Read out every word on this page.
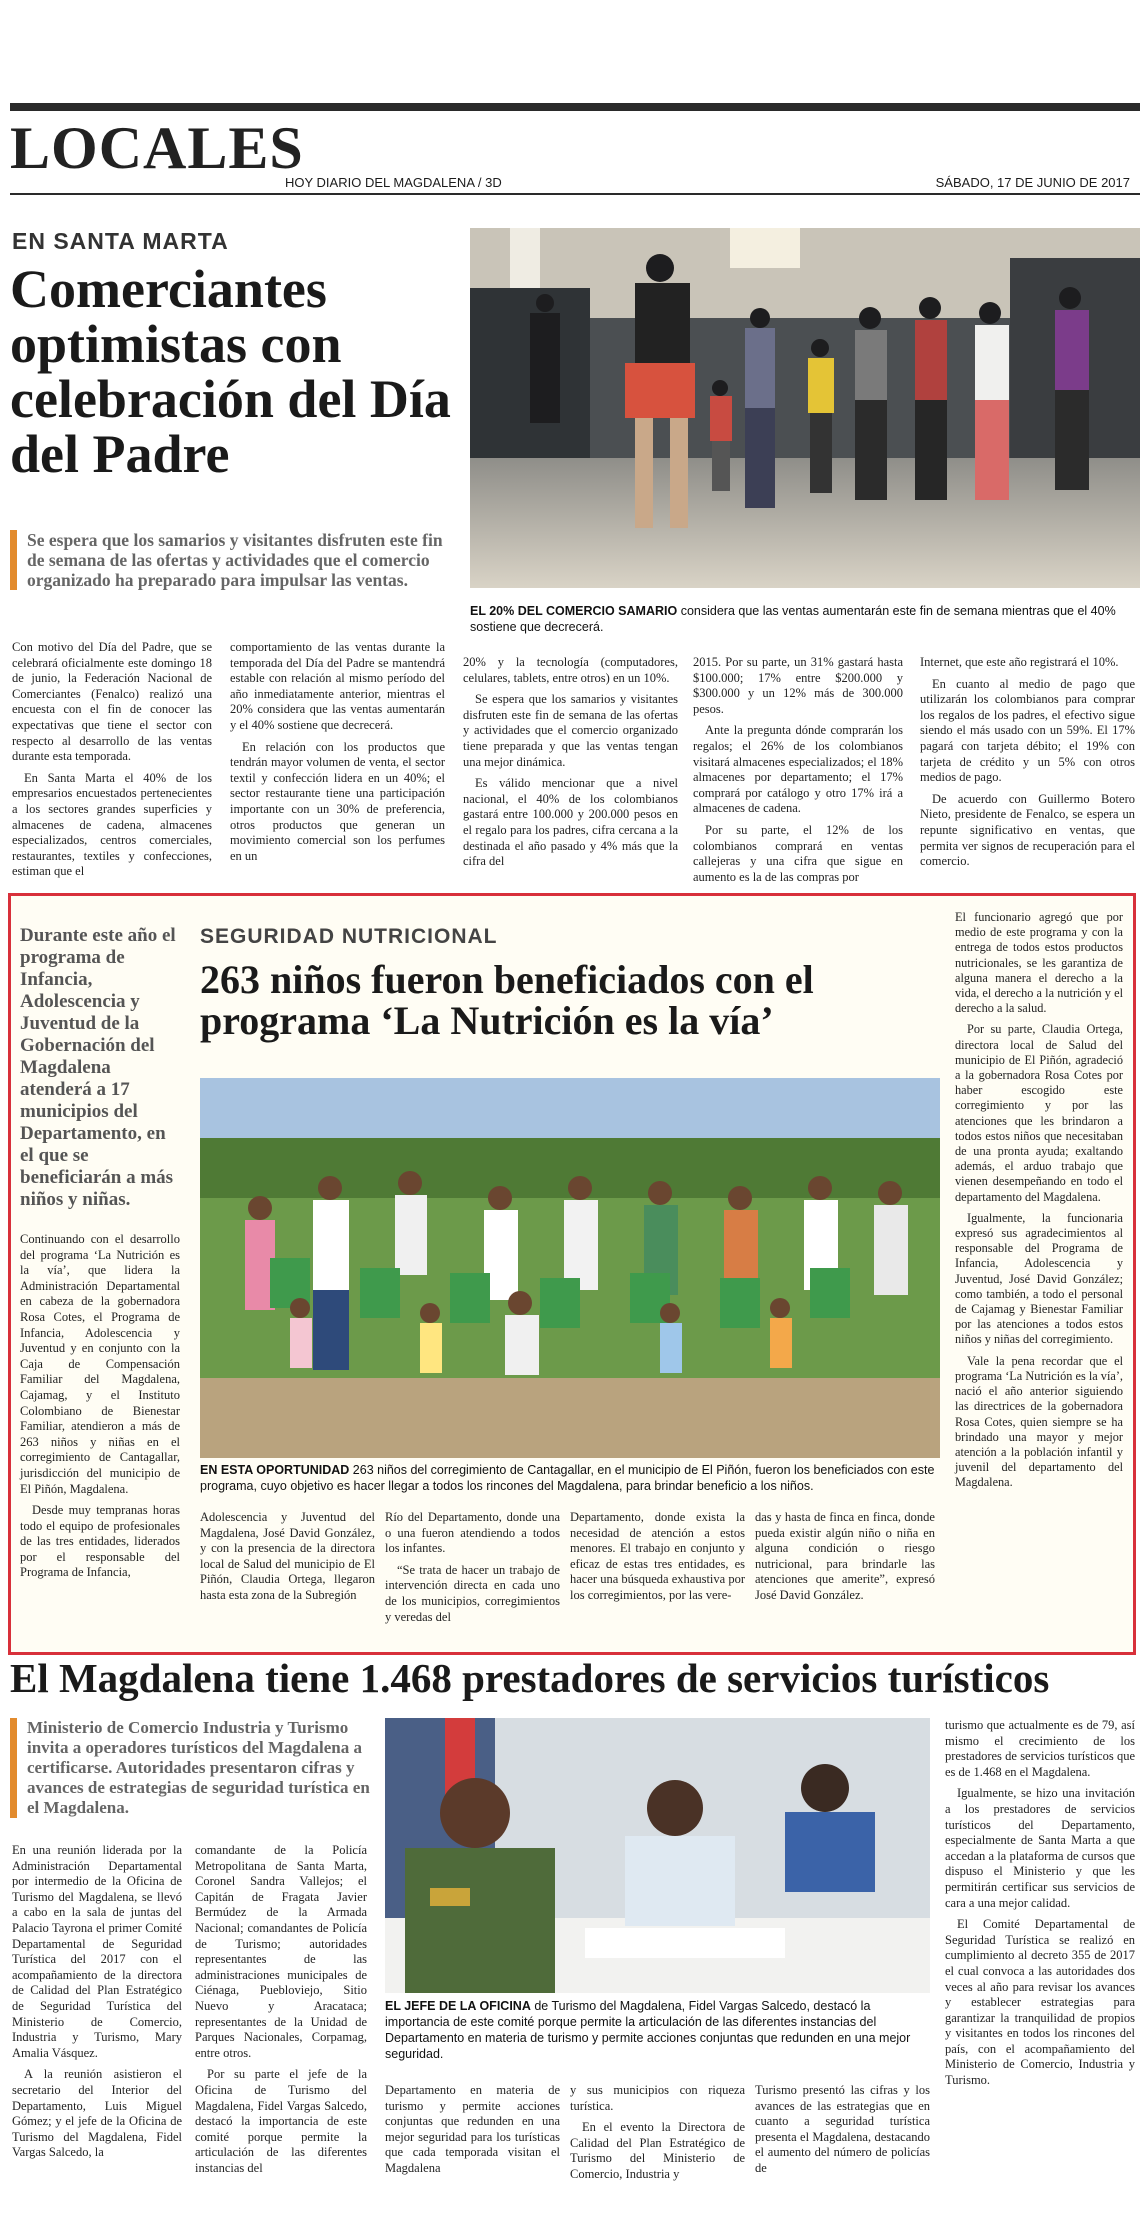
LOCALES
HOY DIARIO DEL MAGDALENA / 3D	SÁBADO, 17 DE JUNIO DE 2017
EN SANTA MARTA
Comerciantes optimistas con celebración del Día del Padre
Se espera que los samarios y visitantes disfruten este fin de semana de las ofertas y actividades que el comercio organizado ha preparado para impulsar las ventas.
EL 20% DEL COMERCIO SAMARIO considera que las ventas aumentarán este fin de semana mientras que el 40% sostiene que decrecerá.

Con motivo del Día del Padre, que se celebrará oficialmente este domingo 18 de junio, la Federación Nacional de Comerciantes (Fenalco) realizó una encuesta con el fin de conocer las expectativas que tiene el sector con respecto al desarrollo de las ventas durante esta temporada.

En Santa Marta el 40% de los empresarios encuestados pertenecientes a los sectores grandes superficies y almacenes de cadena, almacenes especializados, centros comerciales, restaurantes, textiles y confecciones, estiman que el

comportamiento de las ventas durante la temporada del Día del Padre se mantendrá estable con relación al mismo período del año inmediatamente anterior, mientras el 20% considera que las ventas aumentarán y el 40% sostiene que decrecerá.

En relación con los productos que tendrán mayor volumen de venta, el sector textil y confección lidera en un 40%; el sector restaurante tiene una participación importante con un 30% de preferencia, otros productos que generan un movimiento comercial son los perfumes en un

20% y la tecnología (computadores, celulares, tablets, entre otros) en un 10%.

Se espera que los samarios y visitantes disfruten este fin de semana de las ofertas y actividades que el comercio organizado tiene preparada y que las ventas tengan una mejor dinámica.

Es válido mencionar que a nivel nacional, el 40% de los colombianos gastará entre 100.000 y 200.000 pesos en el regalo para los padres, cifra cercana a la destinada el año pasado y 4% más que la cifra del

2015. Por su parte, un 31% gastará hasta $100.000; 17% entre $200.000 y $300.000 y un 12% más de 300.000 pesos.

Ante la pregunta dónde comprarán los regalos; el 26% de los colombianos visitará almacenes especializados; el 18% almacenes por departamento; el 17% comprará por catálogo y otro 17% irá a almacenes de cadena.

Por su parte, el 12% de los colombianos comprará en ventas callejeras y una cifra que sigue en aumento es la de las compras por

Internet, que este año registrará el 10%.

En cuanto al medio de pago que utilizarán los colombianos para comprar los regalos de los padres, el efectivo sigue siendo el más usado con un 59%. El 17% pagará con tarjeta débito; el 19% con tarjeta de crédito y un 5% con otros medios de pago.

De acuerdo con Guillermo Botero Nieto, presidente de Fenalco, se espera un repunte significativo en ventas, que permita ver signos de recuperación para el comercio.

Durante este año el programa de Infancia, Adolescencia y Juventud de la Gobernación del Magdalena atenderá a 17 municipios del Departamento, en el que se beneficiarán a más niños y niñas.
SEGURIDAD NUTRICIONAL
263 niños fueron beneficiados con el programa ‘La Nutrición es la vía’
EN ESTA OPORTUNIDAD 263 niños del corregimiento de Cantagallar, en el municipio de El Piñón, fueron los beneficiados con este programa, cuyo objetivo es hacer llegar a todos los rincones del Magdalena, para brindar beneficio a los niños.

Continuando con el desarrollo del programa ‘La Nutrición es la vía’, que lidera la Administración Departamental en cabeza de la gobernadora Rosa Cotes, el Programa de Infancia, Adolescencia y Juventud y en conjunto con la Caja de Compensación Familiar del Magdalena, Cajamag, y el Instituto Colombiano de Bienestar Familiar, atendieron a más de 263 niños y niñas en el corregimiento de Cantagallar, jurisdicción del municipio de El Piñón, Magdalena.

Desde muy tempranas horas todo el equipo de profesionales de las tres entidades, liderados por el responsable del Programa de Infancia,

Adolescencia y Juventud del Magdalena, José David González, y con la presencia de la directora local de Salud del municipio de El Piñón, Claudia Ortega, llegaron hasta esta zona de la Subregión

Río del Departamento, donde una o una fueron atendiendo a todos los infantes.

“Se trata de hacer un trabajo de intervención directa en cada uno de los municipios, corregimientos y veredas del

Departamento, donde exista la necesidad de atención a estos menores. El trabajo en conjunto y eficaz de estas tres entidades, es hacer una búsqueda exhaustiva por los corregimientos, por las vere-

das y hasta de finca en finca, donde pueda existir algún niño o niña en alguna condición o riesgo nutricional, para brindarle las atenciones que amerite”, expresó José David González.

El funcionario agregó que por medio de este programa y con la entrega de todos estos productos nutricionales, se les garantiza de alguna manera el derecho a la vida, el derecho a la nutrición y el derecho a la salud.

Por su parte, Claudia Ortega, directora local de Salud del municipio de El Piñón, agradeció a la gobernadora Rosa Cotes por haber escogido este corregimiento y por las atenciones que les brindaron a todos estos niños que necesitaban de una pronta ayuda; exaltando además, el arduo trabajo que vienen desempeñando en todo el departamento del Magdalena.

Igualmente, la funcionaria expresó sus agradecimientos al responsable del Programa de Infancia, Adolescencia y Juventud, José David González; como también, a todo el personal de Cajamag y Bienestar Familiar por las atenciones a todos estos niños y niñas del corregimiento.

Vale la pena recordar que el programa ‘La Nutrición es la vía’, nació el año anterior siguiendo las directrices de la gobernadora Rosa Cotes, quien siempre se ha brindado una mayor y mejor atención a la población infantil y juvenil del departamento del Magdalena.

El Magdalena tiene 1.468 prestadores de servicios turísticos
Ministerio de Comercio Industria y Turismo invita a operadores turísticos del Magdalena a certificarse. Autoridades presentaron cifras y avances de estrategias de seguridad turística en el Magdalena.
EL JEFE DE LA OFICINA de Turismo del Magdalena, Fidel Vargas Salcedo, destacó la importancia de este comité porque permite la articulación de las diferentes instancias del Departamento en materia de turismo y permite acciones conjuntas que redunden en una mejor seguridad.

En una reunión liderada por la Administración Departamental por intermedio de la Oficina de Turismo del Magdalena, se llevó a cabo en la sala de juntas del Palacio Tayrona el primer Comité Departamental de Seguridad Turística del 2017 con el acompañamiento de la directora de Calidad del Plan Estratégico de Seguridad Turística del Ministerio de Comercio, Industria y Turismo, Mary Amalia Vásquez.

A la reunión asistieron el secretario del Interior del Departamento, Luis Miguel Gómez; y el jefe de la Oficina de Turismo del Magdalena, Fidel Vargas Salcedo, la

comandante de la Policía Metropolitana de Santa Marta, Coronel Sandra Vallejos; el Capitán de Fragata Javier Bermúdez de la Armada Nacional; comandantes de Policía de Turismo; autoridades representantes de las administraciones municipales de Ciénaga, Puebloviejo, Sitio Nuevo y Aracataca; representantes de la Unidad de Parques Nacionales, Corpamag, entre otros.

Por su parte el jefe de la Oficina de Turismo del Magdalena, Fidel Vargas Salcedo, destacó la importancia de este comité porque permite la articulación de las diferentes instancias del

Departamento en materia de turismo y permite acciones conjuntas que redunden en una mejor seguridad para los turísticas que cada temporada visitan el Magdalena

y sus municipios con riqueza turística.

En el evento la Directora de Calidad del Plan Estratégico de Turismo del Ministerio de Comercio, Industria y

Turismo presentó las cifras y los avances de las estrategias que en cuanto a seguridad turística presenta el Magdalena, destacando el aumento del número de policías de

turismo que actualmente es de 79, así mismo el crecimiento de los prestadores de servicios turísticos que es de 1.468 en el Magdalena.

Igualmente, se hizo una invitación a los prestadores de servicios turísticos del Departamento, especialmente de Santa Marta a que accedan a la plataforma de cursos que dispuso el Ministerio y que les permitirán certificar sus servicios de cara a una mejor calidad.

El Comité Departamental de Seguridad Turística se realizó en cumplimiento al decreto 355 de 2017 el cual convoca a las autoridades dos veces al año para revisar los avances y establecer estrategias para garantizar la tranquilidad de propios y visitantes en todos los rincones del país, con el acompañamiento del Ministerio de Comercio, Industria y Turismo.
